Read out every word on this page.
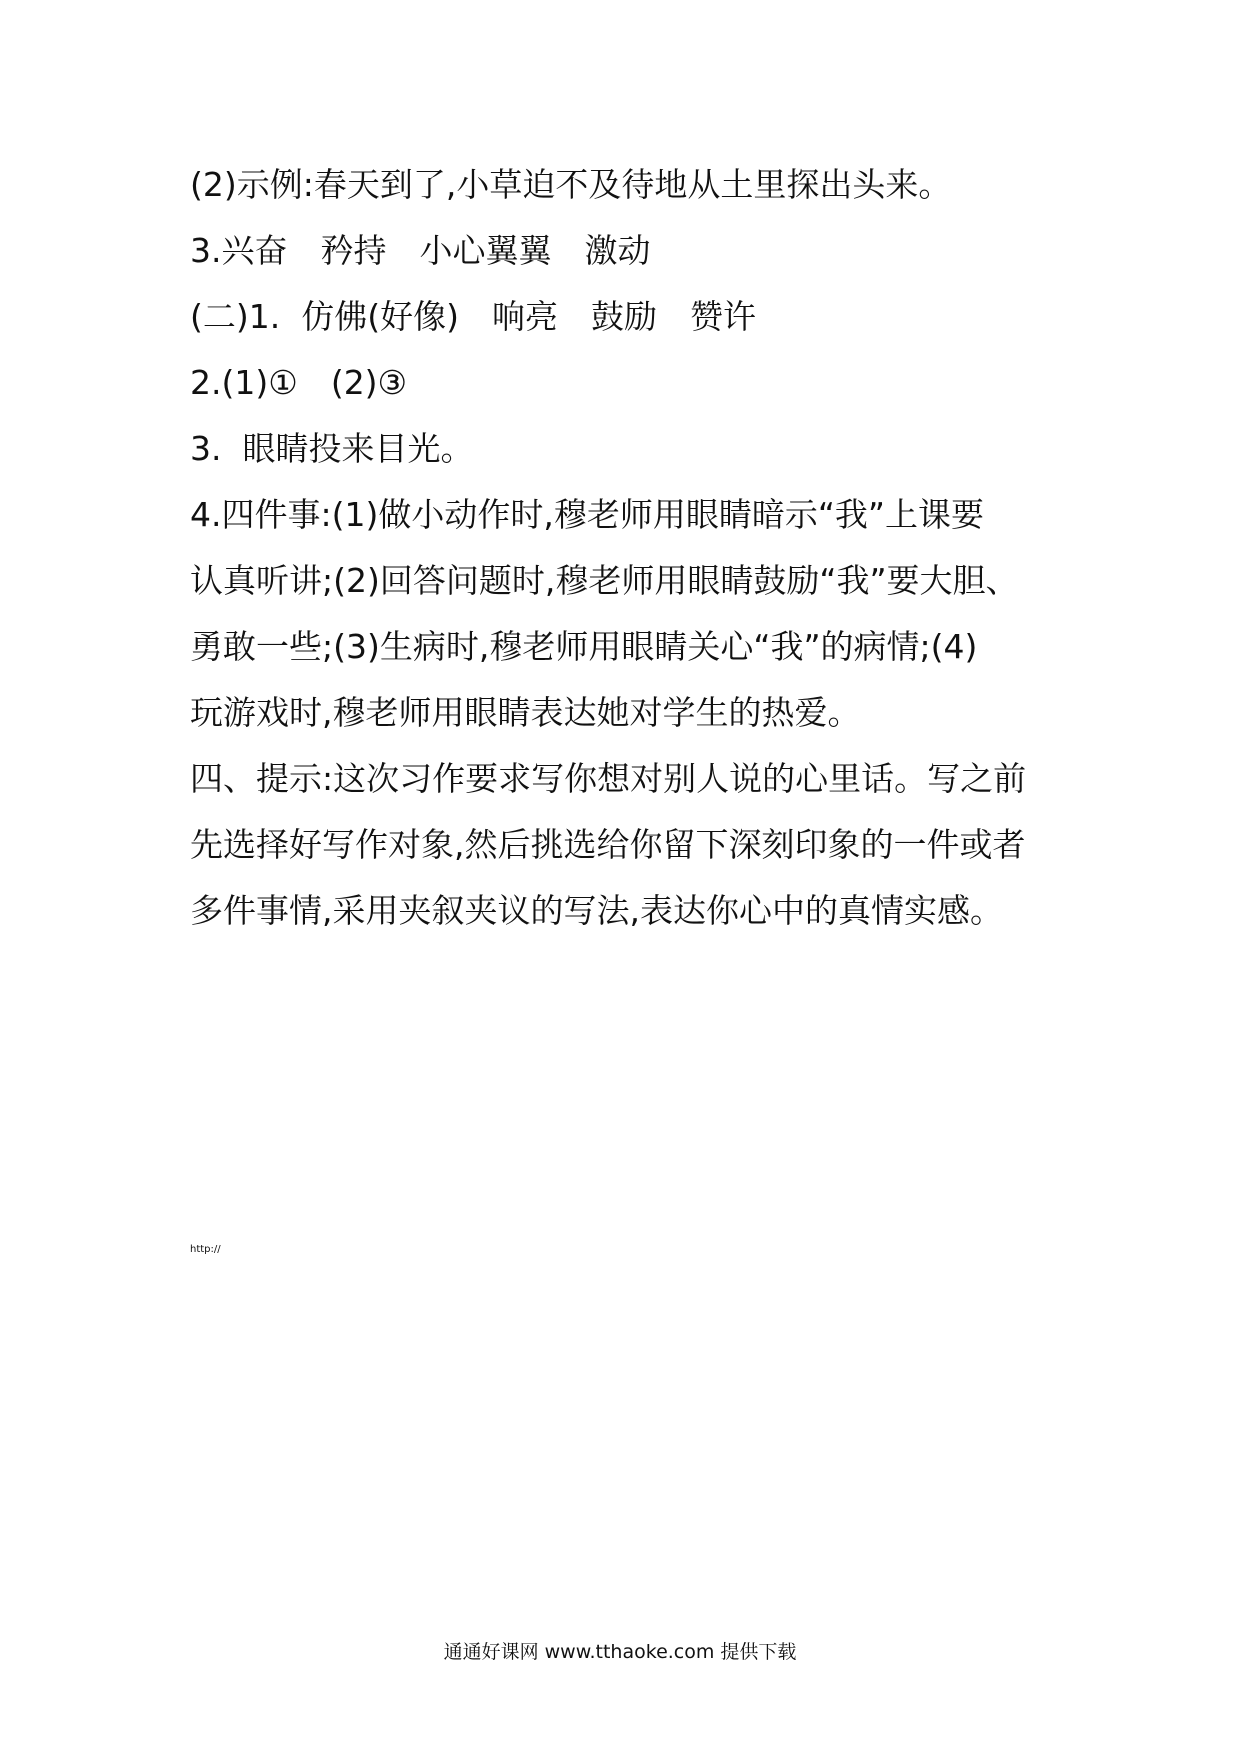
(2)示例:春天到了,小草迫不及待地从土里探出头来。
3.兴奋　矜持　小心翼翼　激动
(二)1.  仿佛(好像)　响亮　鼓励　赞许
2.(1)①　(2)③
3.  眼睛投来目光。
4.四件事:(1)做小动作时,穆老师用眼睛暗示“我”上课要
认真听讲;(2)回答问题时,穆老师用眼睛鼓励“我”要大胆、
勇敢一些;(3)生病时,穆老师用眼睛关心“我”的病情;(4)
玩游戏时,穆老师用眼睛表达她对学生的热爱。
四、提示:这次习作要求写你想对别人说的心里话。写之前
先选择好写作对象,然后挑选给你留下深刻印象的一件或者
多件事情,采用夹叙夹议的写法,表达你心中的真情实感。
http://
通通好课网 www.tthaoke.com 提供下载
